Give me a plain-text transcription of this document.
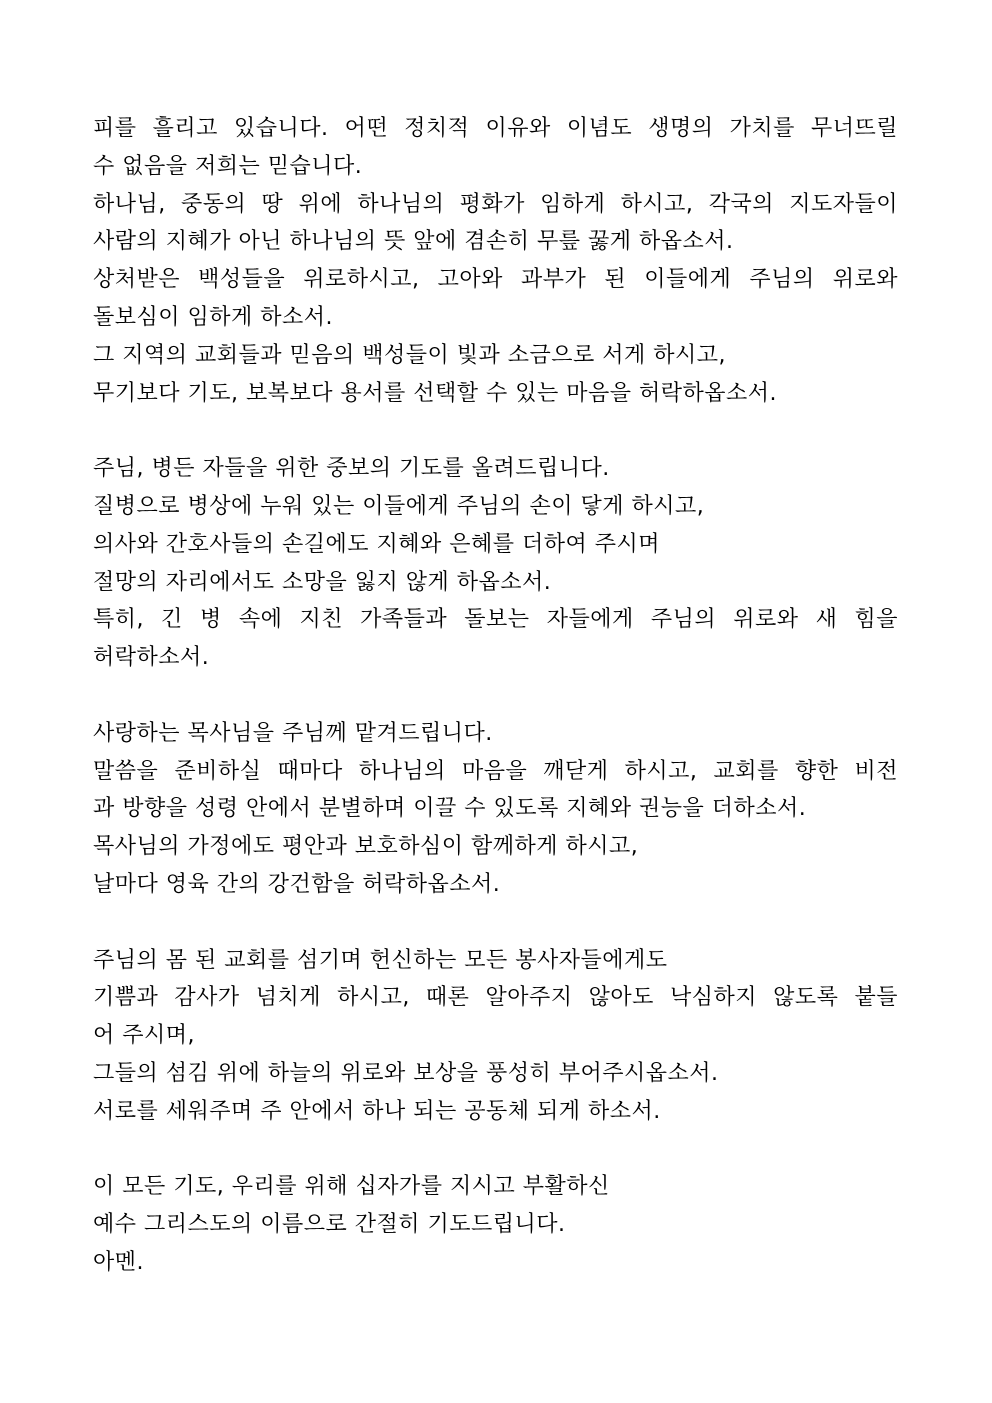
피를 흘리고 있습니다. 어떤 정치적 이유와 이념도 생명의 가치를 무너뜨릴
수 없음을 저희는 믿습니다.
하나님, 중동의 땅 위에 하나님의 평화가 임하게 하시고, 각국의 지도자들이
사람의 지혜가 아닌 하나님의 뜻 앞에 겸손히 무릎 꿇게 하옵소서.
상처받은 백성들을 위로하시고, 고아와 과부가 된 이들에게 주님의 위로와
돌보심이 임하게 하소서.
그 지역의 교회들과 믿음의 백성들이 빛과 소금으로 서게 하시고,
무기보다 기도, 보복보다 용서를 선택할 수 있는 마음을 허락하옵소서.
주님, 병든 자들을 위한 중보의 기도를 올려드립니다.
질병으로 병상에 누워 있는 이들에게 주님의 손이 닿게 하시고,
의사와 간호사들의 손길에도 지혜와 은혜를 더하여 주시며
절망의 자리에서도 소망을 잃지 않게 하옵소서.
특히, 긴 병 속에 지친 가족들과 돌보는 자들에게 주님의 위로와 새 힘을
허락하소서.
사랑하는 목사님을 주님께 맡겨드립니다.
말씀을 준비하실 때마다 하나님의 마음을 깨닫게 하시고, 교회를 향한 비전
과 방향을 성령 안에서 분별하며 이끌 수 있도록 지혜와 권능을 더하소서.
목사님의 가정에도 평안과 보호하심이 함께하게 하시고,
날마다 영육 간의 강건함을 허락하옵소서.
주님의 몸 된 교회를 섬기며 헌신하는 모든 봉사자들에게도
기쁨과 감사가 넘치게 하시고, 때론 알아주지 않아도 낙심하지 않도록 붙들
어 주시며,
그들의 섬김 위에 하늘의 위로와 보상을 풍성히 부어주시옵소서.
서로를 세워주며 주 안에서 하나 되는 공동체 되게 하소서.
이 모든 기도, 우리를 위해 십자가를 지시고 부활하신
예수 그리스도의 이름으로 간절히 기도드립니다.
아멘.
